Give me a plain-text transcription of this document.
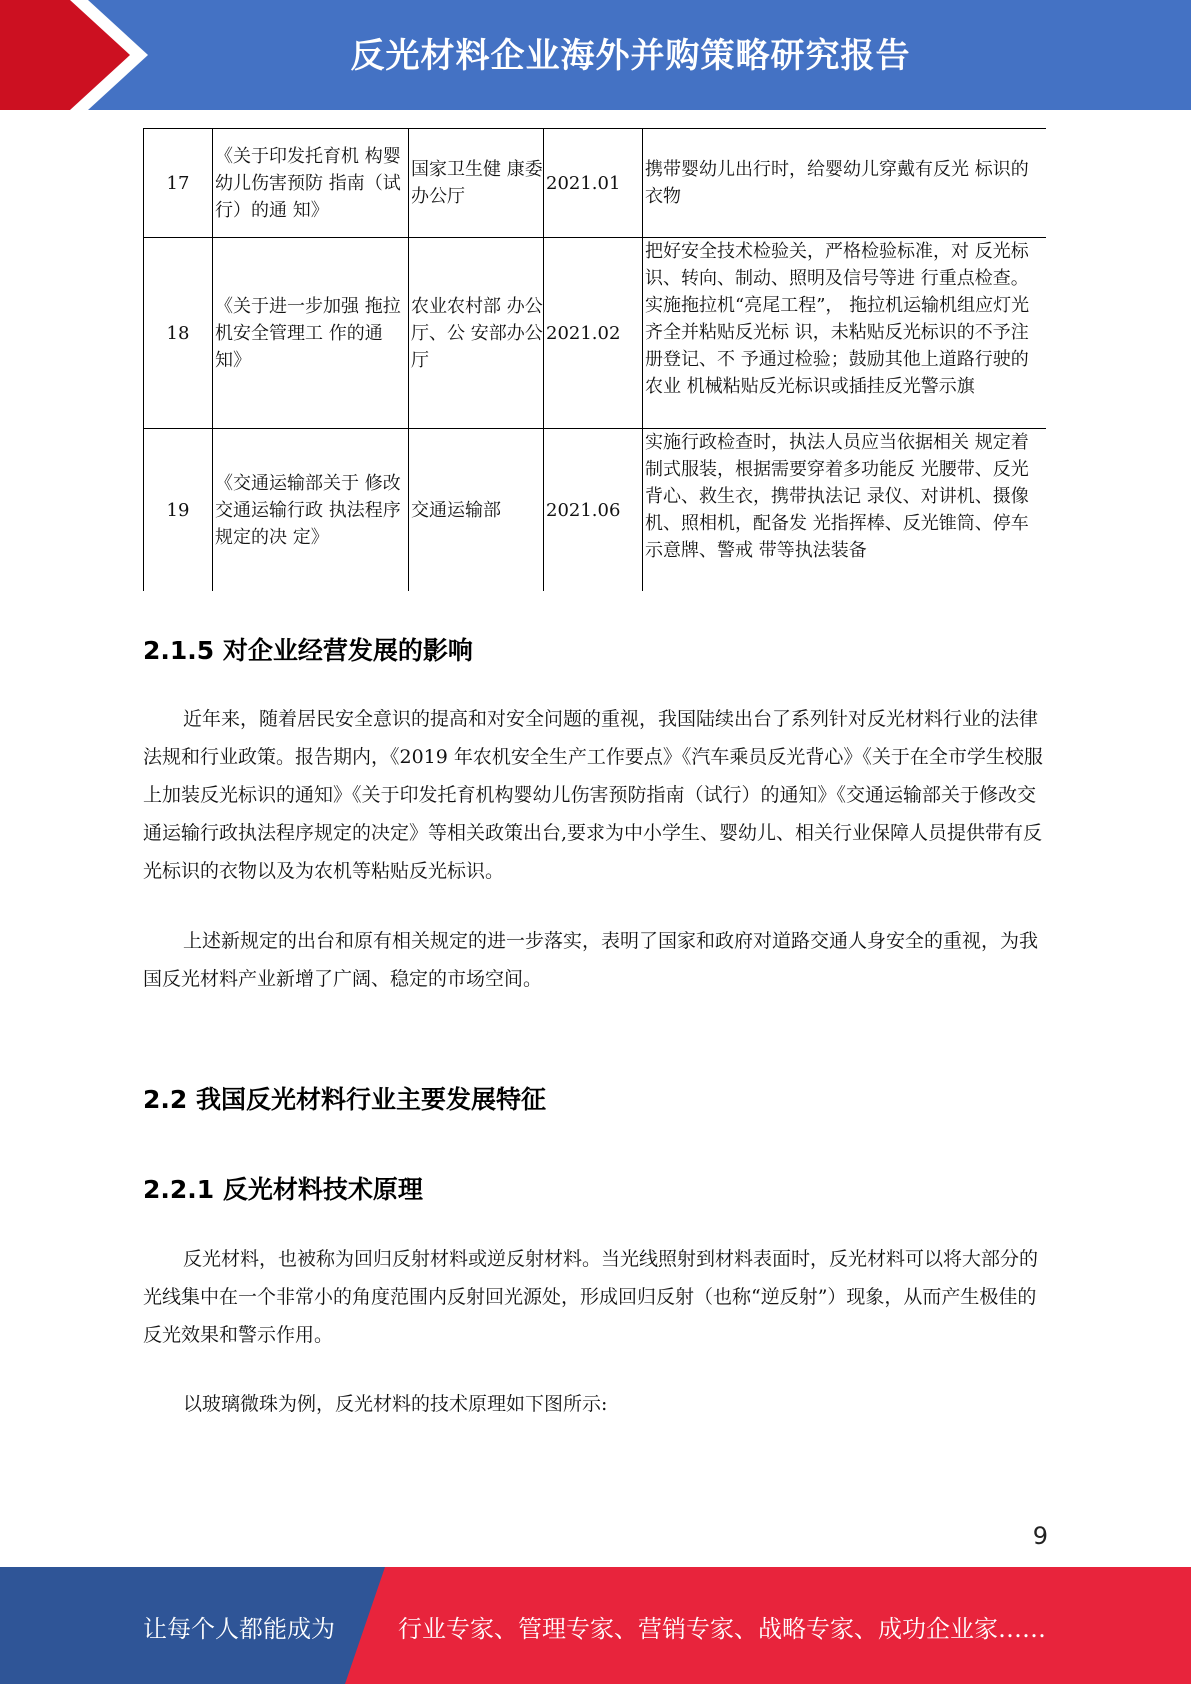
反光材料企业海外并购策略研究报告
17	《关于印发托育机 构婴幼儿伤害预防 指南（试行）的通 知》	国家卫生健 康委办公厅	2021.01	携带婴幼儿出行时，给婴幼儿穿戴有反光 标识的衣物
18	《关于进一步加强 拖拉机安全管理工 作的通知》	农业农村部 办公厅、公 安部办公厅	2021.02	把好安全技术检验关，严格检验标准，对 反光标识、转向、制动、照明及信号等进 行重点检查。实施拖拉机“亮尾工程”， 拖拉机运输机组应灯光齐全并粘贴反光标 识，未粘贴反光标识的不予注册登记、不 予通过检验；鼓励其他上道路行驶的农业 机械粘贴反光标识或插挂反光警示旗
19	《交通运输部关于 修改交通运输行政 执法程序规定的决 定》	交通运输部	2021.06	实施行政检查时，执法人员应当依据相关 规定着制式服装，根据需要穿着多功能反 光腰带、反光背心、救生衣，携带执法记 录仪、对讲机、摄像机、照相机，配备发 光指挥棒、反光锥筒、停车示意牌、警戒 带等执法装备
2.1.5 对企业经营发展的影响

近年来，随着居民安全意识的提高和对安全问题的重视，我国陆续出台了系列针对反光材料行业的法律法规和行业政策。报告期内，《2019 年农机安全生产工作要点》《汽车乘员反光背心》《关于在全市学生校服上加装反光标识的通知》《关于印发托育机构婴幼儿伤害预防指南（试行）的通知》《交通运输部关于修改交通运输行政执法程序规定的决定》等相关政策出台,要求为中小学生、婴幼儿、相关行业保障人员提供带有反光标识的衣物以及为农机等粘贴反光标识。

上述新规定的出台和原有相关规定的进一步落实，表明了国家和政府对道路交通人身安全的重视，为我国反光材料产业新增了广阔、稳定的市场空间。

2.2 我国反光材料行业主要发展特征
2.2.1 反光材料技术原理

反光材料，也被称为回归反射材料或逆反射材料。当光线照射到材料表面时，反光材料可以将大部分的光线集中在一个非常小的角度范围内反射回光源处，形成回归反射（也称“逆反射”）现象，从而产生极佳的反光效果和警示作用。

以玻璃微珠为例，反光材料的技术原理如下图所示:

9
让每个人都能成为	行业专家、管理专家、营销专家、战略专家、成功企业家……
